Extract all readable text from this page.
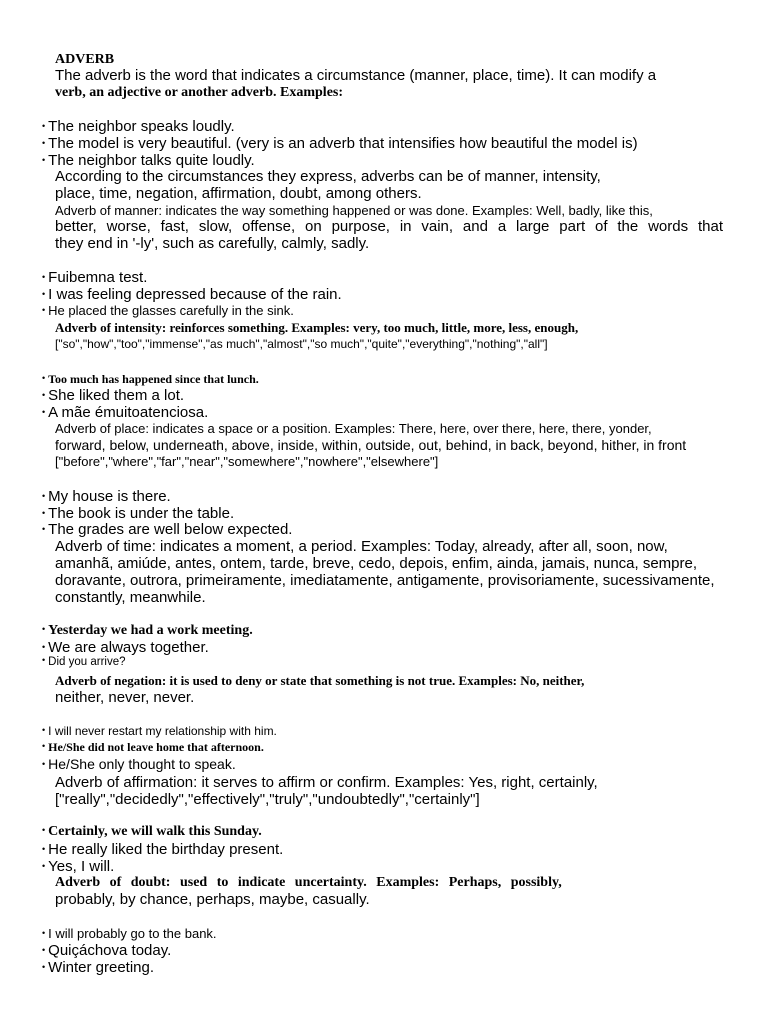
ADVERB
The adverb is the word that indicates a circumstance (manner, place, time). It can modify a
verb, an adjective or another adverb. Examples:
• The neighbor speaks loudly.
• The model is very beautiful. (very is an adverb that intensifies how beautiful the model is)
• The neighbor talks quite loudly.
According to the circumstances they express, adverbs can be of manner, intensity,
place, time, negation, affirmation, doubt, among others.
Adverb of manner: indicates the way something happened or was done. Examples: Well, badly, like this,
better, worse, fast, slow, offense, on purpose, in vain, and a large part of the words that
they end in '-ly', such as carefully, calmly, sadly.
• Fuibemna test.
• I was feeling depressed because of the rain.
• He placed the glasses carefully in the sink.
Adverb of intensity: reinforces something. Examples: very, too much, little, more, less, enough,
["so","how","too","immense","as much","almost","so much","quite","everything","nothing","all"]
• Too much has happened since that lunch.
• She liked them a lot.
• A mãe émuitoatenciosa.
Adverb of place: indicates a space or a position. Examples: There, here, over there, here, there, yonder,
forward, below, underneath, above, inside, within, outside, out, behind, in back, beyond, hither, in front
["before","where","far","near","somewhere","nowhere","elsewhere"]
• My house is there.
• The book is under the table.
• The grades are well below expected.
Adverb of time: indicates a moment, a period. Examples: Today, already, after all, soon, now,
amanhã, amiúde, antes, ontem, tarde, breve, cedo, depois, enfim, ainda, jamais, nunca, sempre,
doravante, outrora, primeiramente, imediatamente, antigamente, provisoriamente, sucessivamente,
constantly, meanwhile.
• Yesterday we had a work meeting.
• We are always together.
• Did you arrive?
Adverb of negation: it is used to deny or state that something is not true. Examples: No, neither,
neither, never, never.
• I will never restart my relationship with him.
• He/She did not leave home that afternoon.
• He/She only thought to speak.
Adverb of affirmation: it serves to affirm or confirm. Examples: Yes, right, certainly,
["really","decidedly","effectively","truly","undoubtedly","certainly"]
• Certainly, we will walk this Sunday.
• He really liked the birthday present.
• Yes, I will.
Adverb of doubt: used to indicate uncertainty. Examples: Perhaps, possibly,
probably, by chance, perhaps, maybe, casually.
• I will probably go to the bank.
• Quiçáchova today.
• Winter greeting.
